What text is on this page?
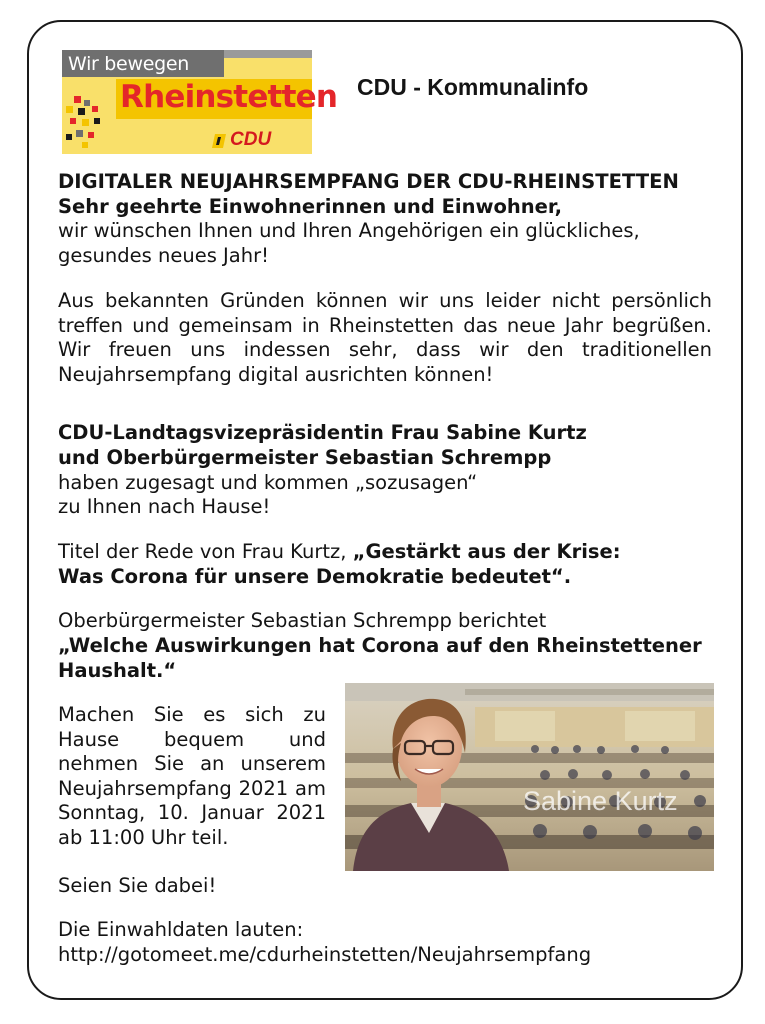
Wir bewegen
Rheinstetten
CDU
CDU - Kommunalinfo

DIGITALER NEUJAHRSEMPFANG DER CDU-RHEINSTETTEN

Sehr geehrte Einwohnerinnen und Einwohner,

wir wünschen Ihnen und Ihren Angehörigen ein glückliches,

gesundes neues Jahr!

Aus bekannten Gründen können wir uns leider nicht persönlich treffen und gemeinsam in Rheinstetten das neue Jahr begrüßen. Wir freuen uns indessen sehr, dass wir den traditionellen Neujahrsempfang digital ausrichten können!

CDU-Landtagsvizepräsidentin Frau Sabine Kurtz

und Oberbürgermeister Sebastian Schrempp

haben zugesagt und kommen „sozusagen“

zu Ihnen nach Hause!

Titel der Rede von Frau Kurtz, „Gestärkt aus der Krise:

Was Corona für unsere Demokratie bedeutet“.

Oberbürgermeister Sebastian Schrempp berichtet

„Welche Auswirkungen hat Corona auf den Rheinstettener

Haushalt.“

Machen Sie es sich zu Hause bequem und nehmen Sie an unserem Neujahrsempfang 2021 am Sonntag, 10. Januar 2021 ab 11:00 Uhr teil.

Seien Sie dabei!

Die Einwahldaten lauten:

http://gotomeet.me/cdurheinstetten/Neujahrsempfang

Sabine Kurtz
